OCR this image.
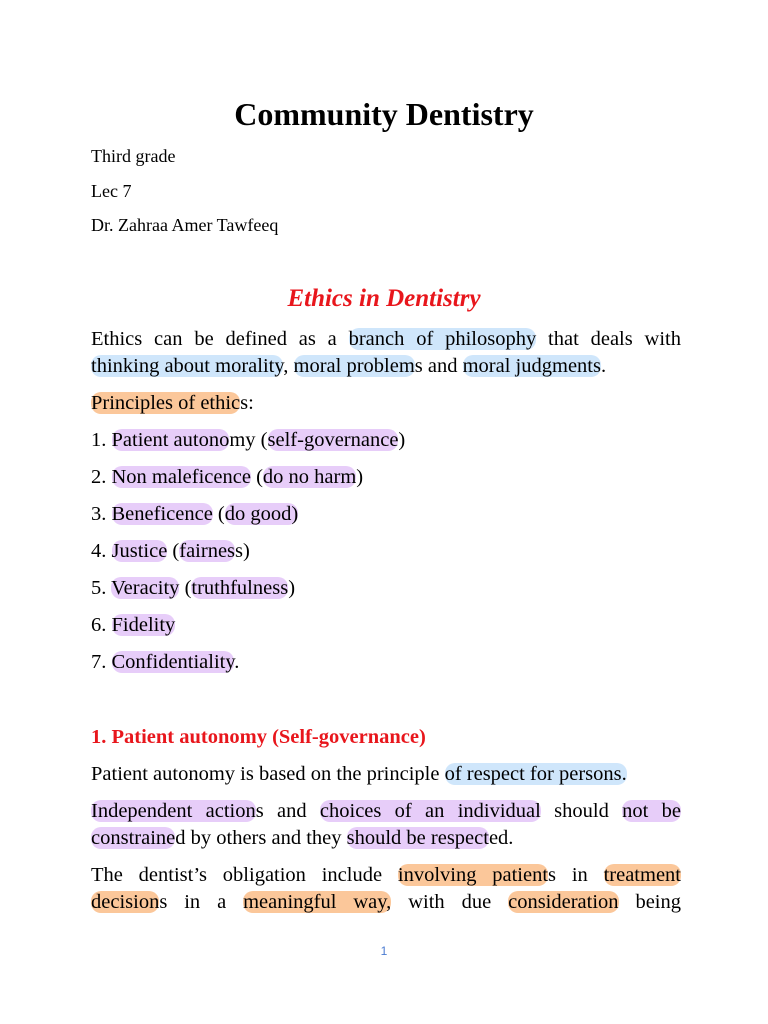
Community Dentistry
Third grade
Lec 7
Dr. Zahraa Amer Tawfeeq
Ethics in Dentistry
Ethics can be defined as a branch of philosophy that deals with
thinking about morality, moral problems and moral judgments.
Principles of ethics:
1. Patient autonomy (self-governance)
2. Non maleficence (do no harm)
3. Beneficence (do good)
4. Justice (fairness)
5. Veracity (truthfulness)
6. Fidelity
7. Confidentiality.
1. Patient autonomy (Self-governance)
Patient autonomy is based on the principle of respect for persons.
Independent actions and choices of an individual should not be
constrained by others and they should be respected.
The dentist’s obligation include involving patients in treatment
decisions in a meaningful way, with due consideration being
1
